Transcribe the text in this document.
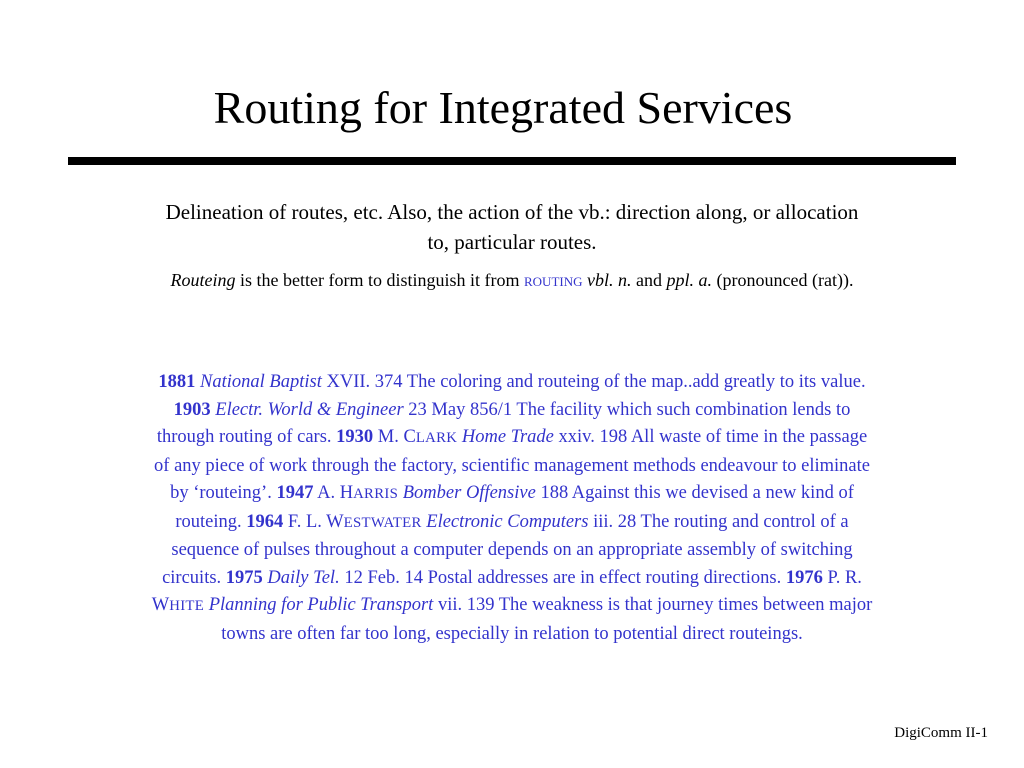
Routing for Integrated Services

Delineation of routes, etc. Also, the action of the vb.: direction along, or allocation to, particular routes.

Routeing is the better form to distinguish it from routing vbl. n. and ppl. a. (pronounced (rat)).

1881 National Baptist XVII. 374 The coloring and routeing of the map..add greatly to its value. 1903 Electr. World & Engineer 23 May 856/1 The facility which such combination lends to through routing of cars. 1930 M. CLARK Home Trade xxiv. 198 All waste of time in the passage of any piece of work through the factory, scientific management methods endeavour to eliminate by ‘routeing’. 1947 A. HARRIS Bomber Offensive 188 Against this we devised a new kind of routeing. 1964 F. L. WESTWATER Electronic Computers iii. 28 The routing and control of a sequence of pulses throughout a computer depends on an appropriate assembly of switching circuits. 1975 Daily Tel. 12 Feb. 14 Postal addresses are in effect routing directions. 1976 P. R. WHITE Planning for Public Transport vii. 139 The weakness is that journey times between major towns are often far too long, especially in relation to potential direct routeings.

DigiComm II-1
